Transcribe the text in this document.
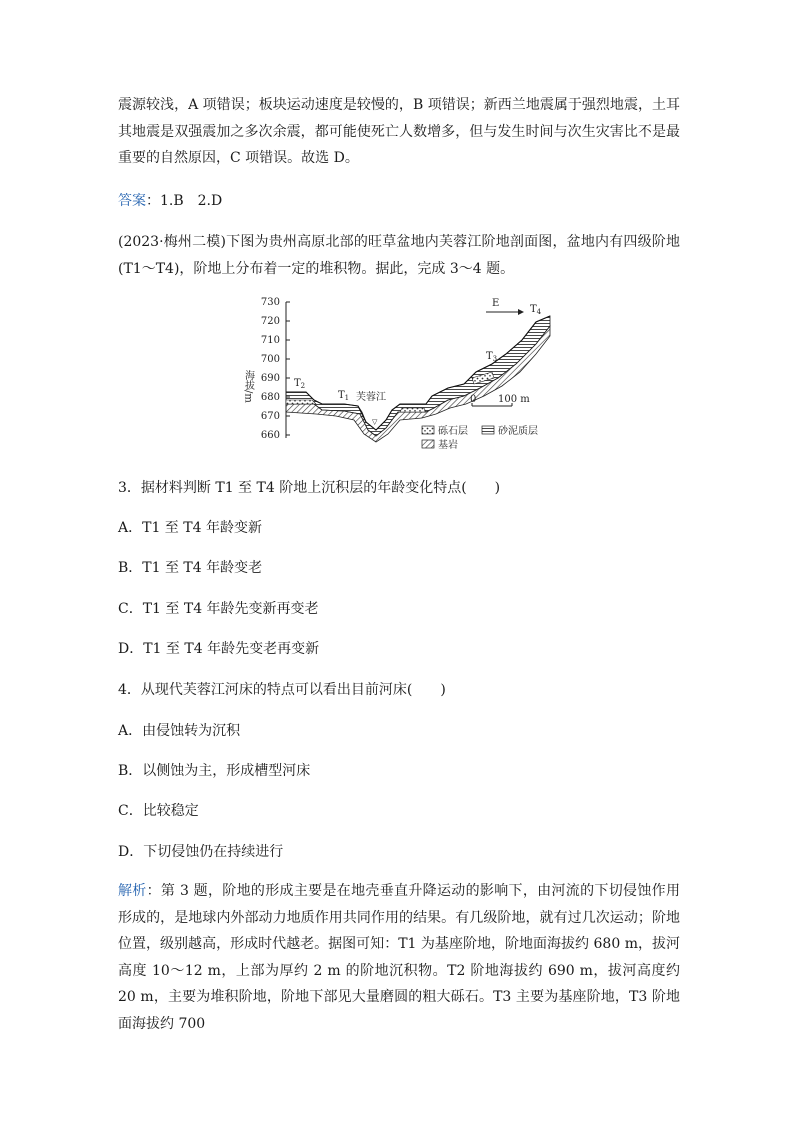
震源较浅，A 项错误；板块运动速度是较慢的，B 项错误；新西兰地震属于强烈地震，土耳其地震是双强震加之多次余震，都可能使死亡人数增多，但与发生时间与次生灾害比不是最重要的自然原因，C 项错误。故选 D。

答案：1.B　2.D

(2023·梅州二模)下图为贵州高原北部的旺草盆地内芙蓉江阶地剖面图，盆地内有四级阶地(T1～T4)，阶地上分布着一定的堆积物。据此，完成 3～4 题。

730
720
710
700
690
680
670
660
海拔/m
▽
$T_2$
$T_1$ 芙蓉江
$T_3$
$T_4$
E
0 100 m
砾石层	砂泥质层
基岩

3．据材料判断 T1 至 T4 阶地上沉积层的年龄变化特点(　　)

A．T1 至 T4 年龄变新

B．T1 至 T4 年龄变老

C．T1 至 T4 年龄先变新再变老

D．T1 至 T4 年龄先变老再变新

4．从现代芙蓉江河床的特点可以看出目前河床(　　)

A．由侵蚀转为沉积

B．以侧蚀为主，形成槽型河床

C．比较稳定

D．下切侵蚀仍在持续进行

解析：第 3 题，阶地的形成主要是在地壳垂直升降运动的影响下，由河流的下切侵蚀作用形成的，是地球内外部动力地质作用共同作用的结果。有几级阶地，就有过几次运动；阶地位置，级别越高，形成时代越老。据图可知：T1 为基座阶地，阶地面海拔约 680 m，拔河高度 10～12 m，上部为厚约 2 m 的阶地沉积物。T2 阶地海拔约 690 m，拔河高度约 20 m，主要为堆积阶地，阶地下部见大量磨圆的粗大砾石。T3 主要为基座阶地，T3 阶地面海拔约 700
